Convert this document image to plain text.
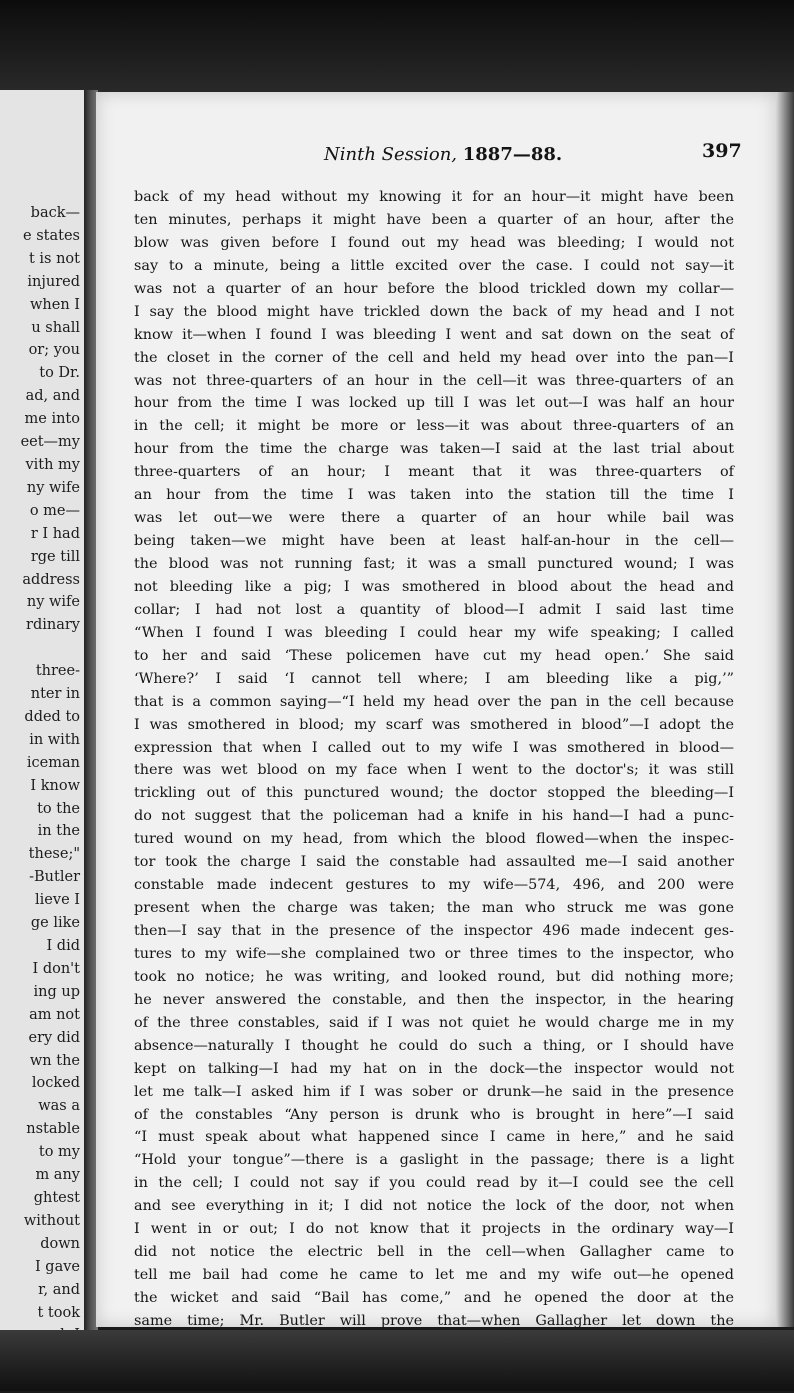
back—
e states
t is not
injured
when I
u shall
or; you
to Dr.
ad, and
me into
eet—my
vith my
ny wife
o me—
r I had
rge till
address
ny wife
rdinary

three-
nter in
dded to
in with
iceman
I know
to the
in the
these;"
-Butler
lieve I
ge like
I did
I don't
ing up
am not
ery did
wn the
locked
was a
nstable
to my
m any
ghtest
without
down
I gave
r, and
t took
Ninth Session, 1887—88.	397
back of my head without my knowing it for an hour—it might have been
ten minutes, perhaps it might have been a quarter of an hour, after the
blow was given before I found out my head was bleeding; I would not
say to a minute, being a little excited over the case. I could not say—it
was not a quarter of an hour before the blood trickled down my collar—
I say the blood might have trickled down the back of my head and I not
know it—when I found I was bleeding I went and sat down on the seat of
the closet in the corner of the cell and held my head over into the pan—I
was not three-quarters of an hour in the cell—it was three-quarters of an
hour from the time I was locked up till I was let out—I was half an hour
in the cell; it might be more or less—it was about three-quarters of an
hour from the time the charge was taken—I said at the last trial about
three-quarters of an hour; I meant that it was three-quarters of
an hour from the time I was taken into the station till the time I
was let out—we were there a quarter of an hour while bail was
being taken—we might have been at least half-an-hour in the cell—
the blood was not running fast; it was a small punctured wound; I was
not bleeding like a pig; I was smothered in blood about the head and
collar; I had not lost a quantity of blood—I admit I said last time
“When I found I was bleeding I could hear my wife speaking; I called
to her and said ‘These policemen have cut my head open.’ She said
‘Where?’ I said ‘I cannot tell where; I am bleeding like a pig,’”
that is a common saying—“I held my head over the pan in the cell because
I was smothered in blood; my scarf was smothered in blood”—I adopt the
expression that when I called out to my wife I was smothered in blood—
there was wet blood on my face when I went to the doctor's; it was still
trickling out of this punctured wound; the doctor stopped the bleeding—I
do not suggest that the policeman had a knife in his hand—I had a punc-
tured wound on my head, from which the blood flowed—when the inspec-
tor took the charge I said the constable had assaulted me—I said another
constable made indecent gestures to my wife—574, 496, and 200 were
present when the charge was taken; the man who struck me was gone
then—I say that in the presence of the inspector 496 made indecent ges-
tures to my wife—she complained two or three times to the inspector, who
took no notice; he was writing, and looked round, but did nothing more;
he never answered the constable, and then the inspector, in the hearing
of the three constables, said if I was not quiet he would charge me in my
absence—naturally I thought he could do such a thing, or I should have
kept on talking—I had my hat on in the dock—the inspector would not
let me talk—I asked him if I was sober or drunk—he said in the presence
of the constables “Any person is drunk who is brought in here”—I said
“I must speak about what happened since I came in here,” and he said
“Hold your tongue”—there is a gaslight in the passage; there is a light
in the cell; I could not say if you could read by it—I could see the cell
and see everything in it; I did not notice the lock of the door, not when
I went in or out; I do not know that it projects in the ordinary way—I
did not notice the electric bell in the cell—when Gallagher came to
tell me bail had come he came to let me and my wife out—he opened
the wicket and said “Bail has come,” and he opened the door at the
same time; Mr. Butler will prove that—when Gallagher let down the
